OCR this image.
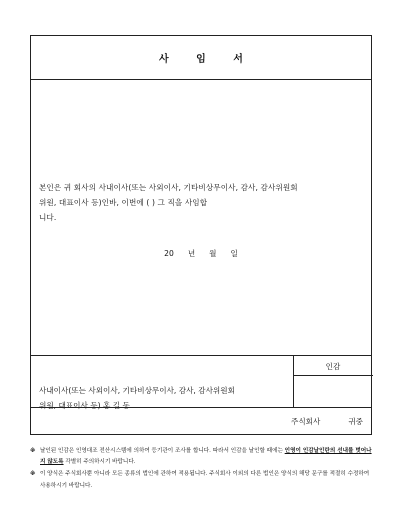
사 임 서
본인은 귀 회사의 사내이사(또는 사외이사, 기타비상무이사, 감사, 감사위원회
위원, 대표이사 등)인바, 이번에 ( ) 그 직을 사임합
니다.
20 년 월 일
인감
사내이사(또는 사외이사, 기타비상무이사, 감사, 감사위원회
위원, 대표이사 등) 홍 길 동
주식회사	귀중
※ 날인된 인감은 인영대조 전산시스템에 의하여 등기관이 조사를 합니다. 따라서 인감을 날인할 때에는 인영이 인감날인란의 선내를 벗어나지 않도록 각별히 주의하시기 바랍니다.
※ 이 양식은 주식회사뿐 아니라 모든 종류의 법인에 관하여 적용됩니다. 주식회사 이외의 다른 법인은 양식의 해당 문구를 적절히 수정하여 사용하시기 바랍니다.
